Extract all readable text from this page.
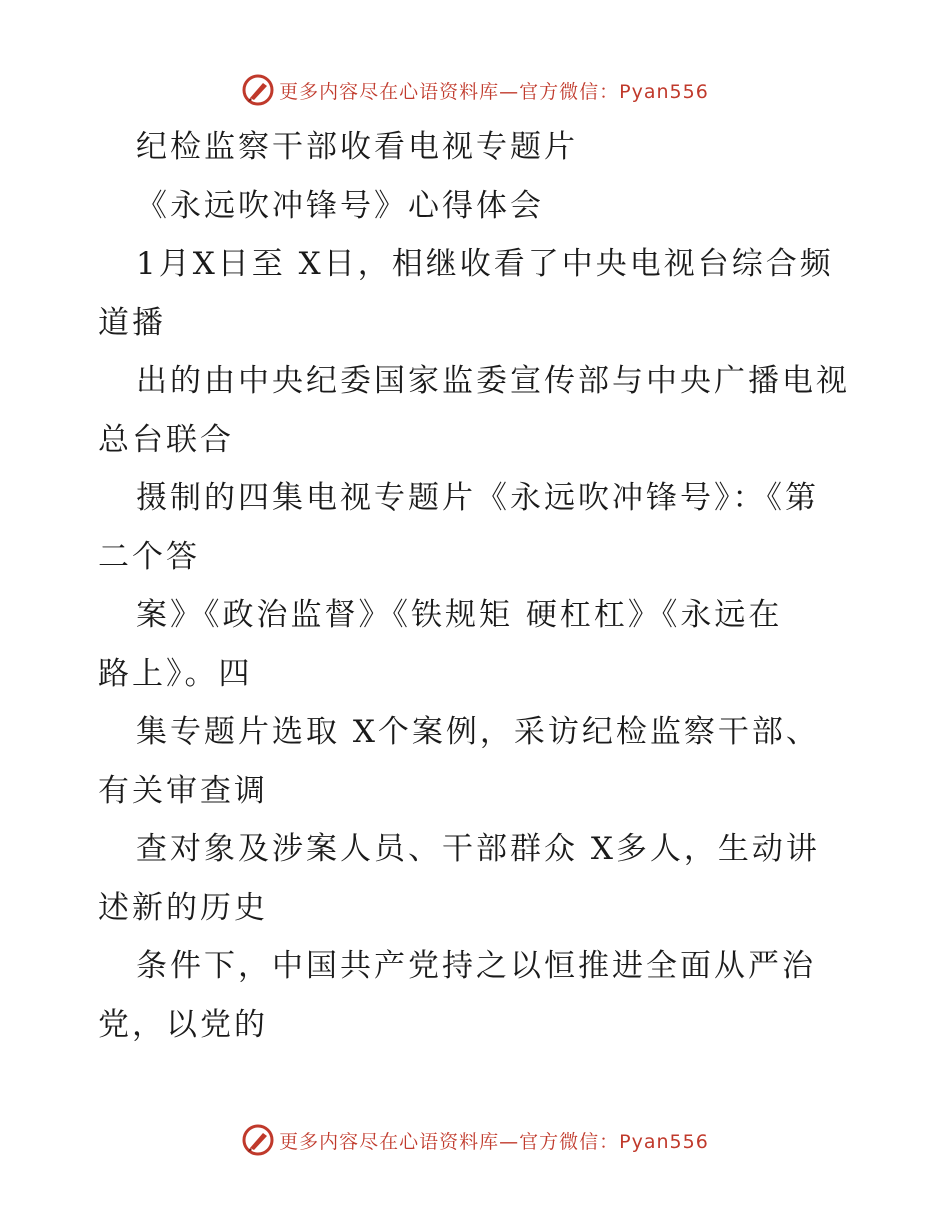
更多内容尽在心语资料库—官方微信：Pyan556
纪检监察干部收看电视专题片
《永远吹冲锋号》心得体会
1月X日至 X日，相继收看了中央电视台综合频
道播
出的由中央纪委国家监委宣传部与中央广播电视
总台联合
摄制的四集电视专题片《永远吹冲锋号》：《第
二个答
案》《政治监督》《铁规矩 硬杠杠》《永远在
路上》。四
集专题片选取 X个案例，采访纪检监察干部、
有关审查调
查对象及涉案人员、干部群众 X多人，生动讲
述新的历史
条件下，中国共产党持之以恒推进全面从严治
党，以党的
更多内容尽在心语资料库—官方微信：Pyan556
